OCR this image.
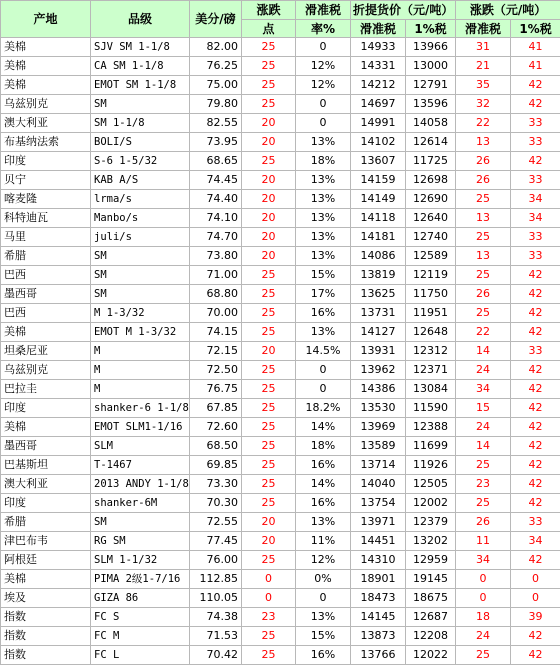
产地	品级	美分/磅	涨跌	滑准税	折提货价（元/吨）		涨跌（元/吨）	
			点	率%	滑准税	1%税	滑准税	1%税
美棉	SJV SM 1-1/8	82.00	25	0	14933	13966	31	41
美棉	CA SM 1-1/8	76.25	25	12%	14331	13000	21	41
美棉	EMOT SM 1-1/8	75.00	25	12%	14212	12791	35	42
乌兹别克	SM	79.80	25	0	14697	13596	32	42
澳大利亚	SM 1-1/8	82.55	20	0	14991	14058	22	33
布基纳法索	BOLI/S	73.95	20	13%	14102	12614	13	33
印度	S-6 1-5/32	68.65	25	18%	13607	11725	26	42
贝宁	KAB A/S	74.45	20	13%	14159	12698	26	33
喀麦隆	lrma/s	74.40	20	13%	14149	12690	25	34
科特迪瓦	Manbo/s	74.10	20	13%	14118	12640	13	34
马里	juli/s	74.70	20	13%	14181	12740	25	33
希腊	SM	73.80	20	13%	14086	12589	13	33
巴西	SM	71.00	25	15%	13819	12119	25	42
墨西哥	SM	68.80	25	17%	13625	11750	26	42
巴西	M 1-3/32	70.00	25	16%	13731	11951	25	42
美棉	EMOT M 1-3/32	74.15	25	13%	14127	12648	22	42
坦桑尼亚	M	72.15	20	14.5%	13931	12312	14	33
乌兹别克	M	72.50	25	0	13962	12371	24	42
巴拉圭	M	76.75	25	0	14386	13084	34	42
印度	shanker-6 1-1/8	67.85	25	18.2%	13530	11590	15	42
美棉	EMOT SLM1-1/16	72.60	25	14%	13969	12388	24	42
墨西哥	SLM	68.50	25	18%	13589	11699	14	42
巴基斯坦	T-1467	69.85	25	16%	13714	11926	25	42
澳大利亚	2013 ANDY 1-1/8	73.30	25	14%	14040	12505	23	42
印度	shanker-6M	70.30	25	16%	13754	12002	25	42
希腊	SM	72.55	20	13%	13971	12379	26	33
津巴布韦	RG SM	77.45	20	11%	14451	13202	11	34
阿根廷	SLM 1-1/32	76.00	25	12%	14310	12959	34	42
美棉	PIMA 2级1-7/16	112.85	0	0%	18901	19145	0	0
埃及	GIZA 86	110.05	0	0	18473	18675	0	0
指数	FC S	74.38	23	13%	14145	12687	18	39
指数	FC M	71.53	25	15%	13873	12208	24	42
指数	FC L	70.42	25	16%	13766	12022	25	42
